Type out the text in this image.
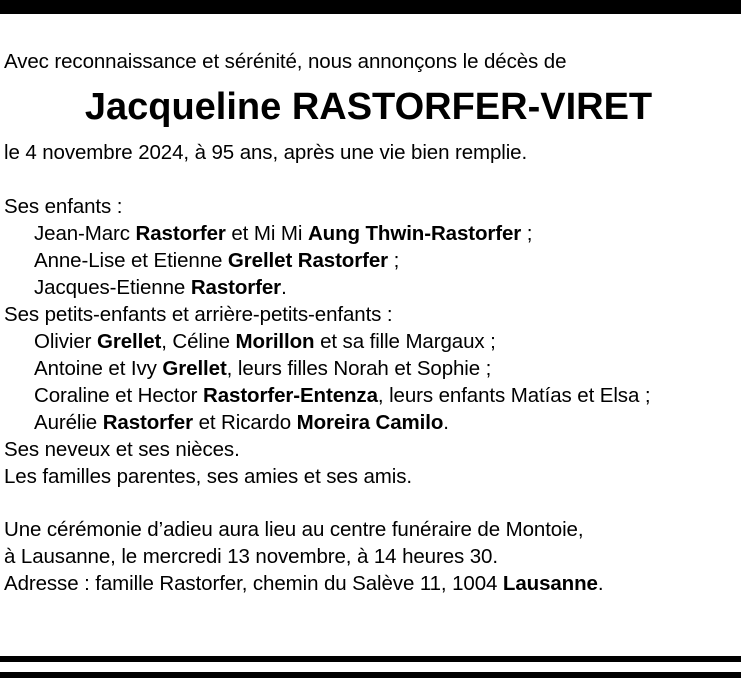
Avec reconnaissance et sérénité, nous annonçons le décès de
Jacqueline RASTORFER-VIRET
le 4 novembre 2024, à 95 ans, après une vie bien remplie.
Ses enfants :
Jean-Marc Rastorfer et Mi Mi Aung Thwin-Rastorfer ;
Anne-Lise et Etienne Grellet Rastorfer ;
Jacques-Etienne Rastorfer.
Ses petits-enfants et arrière-petits-enfants :
Olivier Grellet, Céline Morillon et sa fille Margaux ;
Antoine et Ivy Grellet, leurs filles Norah et Sophie ;
Coraline et Hector Rastorfer-Entenza, leurs enfants Matías et Elsa ;
Aurélie Rastorfer et Ricardo Moreira Camilo.
Ses neveux et ses nièces.
Les familles parentes, ses amies et ses amis.
Une cérémonie d’adieu aura lieu au centre funéraire de Montoie,
à Lausanne, le mercredi 13 novembre, à 14 heures 30.
Adresse : famille Rastorfer, chemin du Salève 11, 1004 Lausanne.
